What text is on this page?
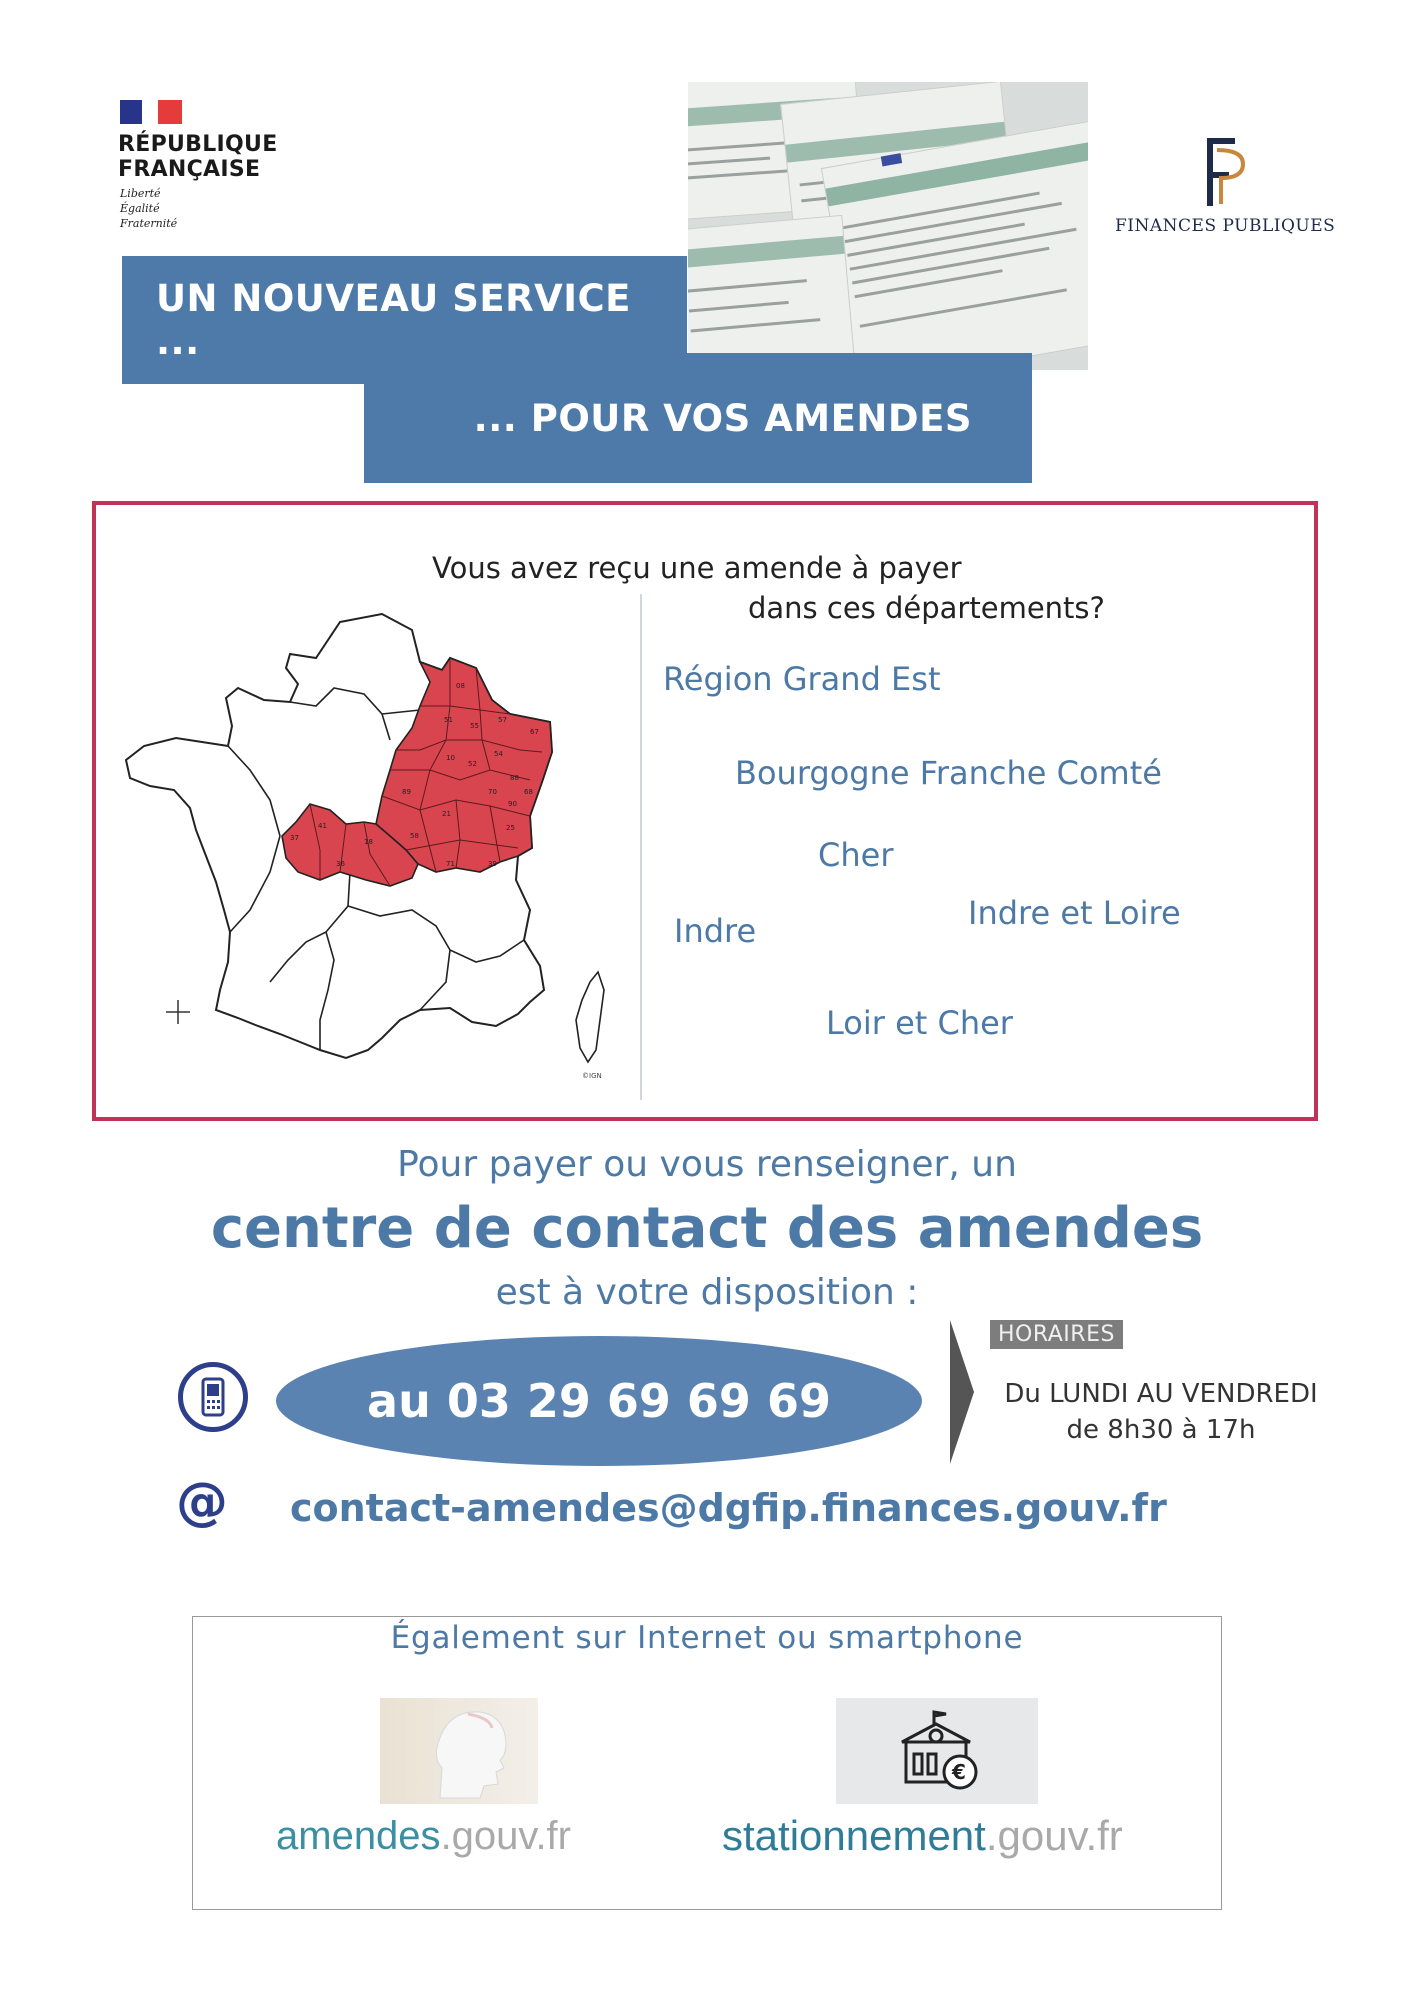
RÉPUBLIQUE
FRANÇAISE
Liberté
Égalité
Fraternité	FINANCES PUBLIQUES
UN NOUVEAU SERVICE ...
... POUR VOS AMENDES
Vous avez reçu une amende à payer
dans ces départements?
08
51
55
57
67
10
52
54
88
68
89	70
21
90
25
58
39
71
41
37	18
36
©IGN
Région Grand Est
Bourgogne Franche Comté
Cher
Indre et Loire
Indre
Loir et Cher
Pour payer ou vous renseigner, un
centre de contact des amendes
est à votre disposition :
au 03 29 69 69 69
HORAIRES
Du LUNDI AU VENDREDI
de 8h30 à 17h
@ contact-amendes@dgfip.finances.gouv.fr
Également sur Internet ou smartphone
€
amendes.gouv.fr	stationnement.gouv.fr
